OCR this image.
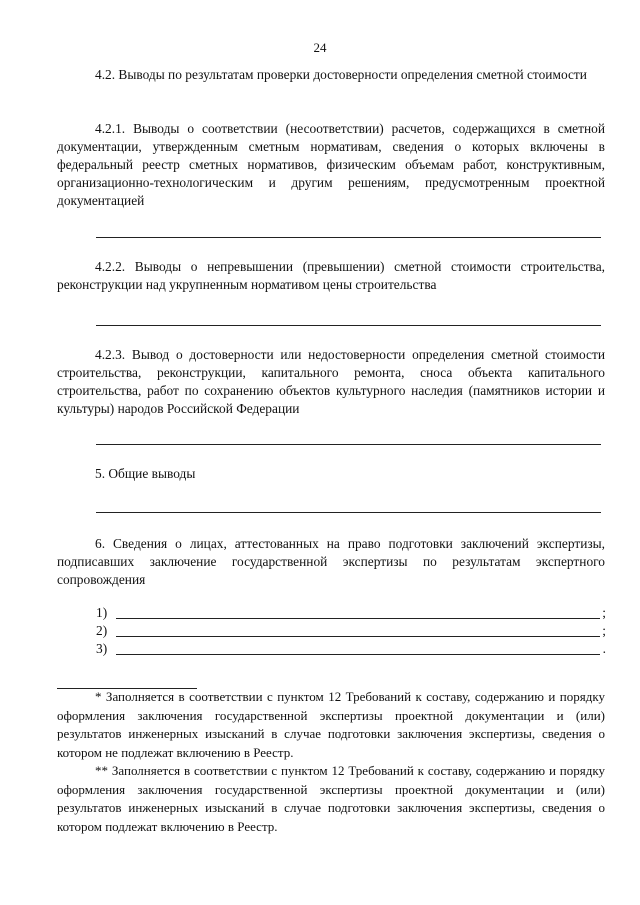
24
4.2. Выводы по результатам проверки достоверности определения сметной стоимости
4.2.1. Выводы о соответствии (несоответствии) расчетов, содержащихся в сметной документации, утвержденным сметным нормативам, сведения о которых включены в федеральный реестр сметных нормативов, физическим объемам работ, конструктивным, организационно-технологическим и другим решениям, предусмотренным проектной документацией
4.2.2. Выводы о непревышении (превышении) сметной стоимости строительства, реконструкции над укрупненным нормативом цены строительства
4.2.3. Вывод о достоверности или недостоверности определения сметной стоимости строительства, реконструкции, капитального ремонта, сноса объекта капитального строительства, работ по сохранению объектов культурного наследия (памятников истории и культуры) народов Российской Федерации
5. Общие выводы
6. Сведения о лицах, аттестованных на право подготовки заключений экспертизы, подписавших заключение государственной экспертизы по результатам экспертного сопровождения
1)	;
2)	;
3)	.
* Заполняется в соответствии с пунктом 12 Требований к составу, содержанию и порядку оформления заключения государственной экспертизы проектной документации и (или) результатов инженерных изысканий в случае подготовки заключения экспертизы, сведения о котором не подлежат включению в Реестр.
** Заполняется в соответствии с пунктом 12 Требований к составу, содержанию и порядку оформления заключения государственной экспертизы проектной документации и (или) результатов инженерных изысканий в случае подготовки заключения экспертизы, сведения о котором подлежат включению в Реестр.
